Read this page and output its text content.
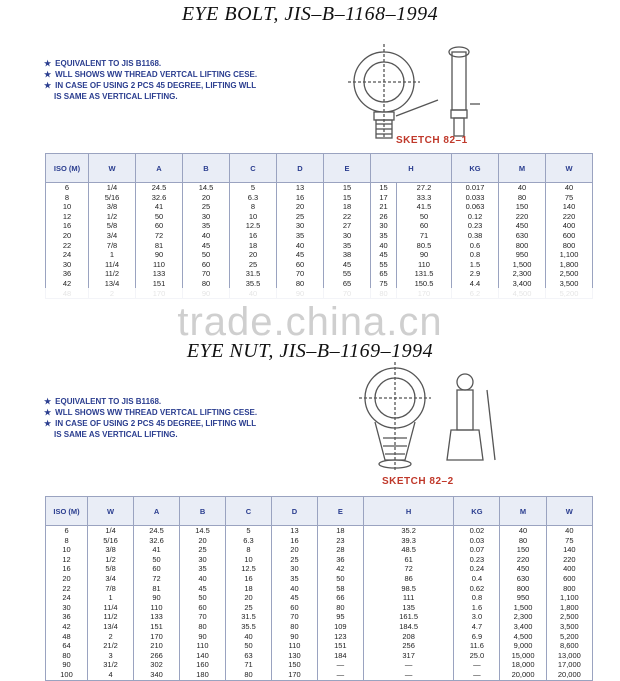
EYE BOLT, JIS–B–1168–1994
★ EQUIVALENT TO JIS B1168.
★ WLL SHOWS WW THREAD VERTCAL LIFTING CESE.
★ IN CASE OF USING 2 PCS 45 DEGREE, LIFTING WLL
IS SAME AS VERTICAL LIFTING.
SKETCH 82–1
ISO (M)	W	A	B	C	D	E	H		KG	M	W
6	1/4	24.5	14.5	5	13	15	15	27.2	0.017	40	40
8	5/16	32.6	20	6.3	16	15	17	33.3	0.033	80	75
10	3/8	41	25	8	20	18	21	41.5	0.063	150	140
12	1/2	50	30	10	25	22	26	50	0.12	220	220
16	5/8	60	35	12.5	30	27	30	60	0.23	450	400
20	3/4	72	40	16	35	30	35	71	0.38	630	600
22	7/8	81	45	18	40	35	40	80.5	0.6	800	800
24	1	90	50	20	45	38	45	90	0.8	950	1,100
30	11/4	110	60	25	60	45	55	110	1.5	1,500	1,800
36	11/2	133	70	31.5	70	55	65	131.5	2.9	2,300	2,500
42	13/4	151	80	35.5	80	65	75	150.5	4.4	3,400	3,500

trade.china.cn
EYE NUT, JIS–B–1169–1994
★ EQUIVALENT TO JIS B1168.
★ WLL SHOWS WW THREAD VERTCAL LIFTING CESE.
★ IN CASE OF USING 2 PCS 45 DEGREE, LIFTING WLL
IS SAME AS VERTICAL LIFTING.
SKETCH 82–2
ISO (M)	W	A	B	C	D	E	H	KG	M	W
6	1/4	24.5	14.5	5	13	18	35.2	0.02	40	40
8	5/16	32.6	20	6.3	16	23	39.3	0.03	80	75
10	3/8	41	25	8	20	28	48.5	0.07	150	140
12	1/2	50	30	10	25	36	61	0.23	220	220
16	5/8	60	35	12.5	30	42	72	0.24	450	400
20	3/4	72	40	16	35	50	86	0.4	630	600
22	7/8	81	45	18	40	58	98.5	0.62	800	800
24	1	90	50	20	45	66	111	0.8	950	1,100
30	11/4	110	60	25	60	80	135	1.6	1,500	1,800
36	11/2	133	70	31.5	70	95	161.5	3.0	2,300	2,500
42	13/4	151	80	35.5	80	109	184.5	4.7	3,400	3,500
48	2	170	90	40	90	123	208	6.9	4,500	5,200
64	21/2	210	110	50	110	151	256	11.6	9,000	8,600
80	3	266	140	63	130	184	317	25.0	15,000	13,000
90	31/2	302	160	71	150	—	—	—	18,000	17,000
100	4	340	180	80	170	—	—	—	20,000	20,000
